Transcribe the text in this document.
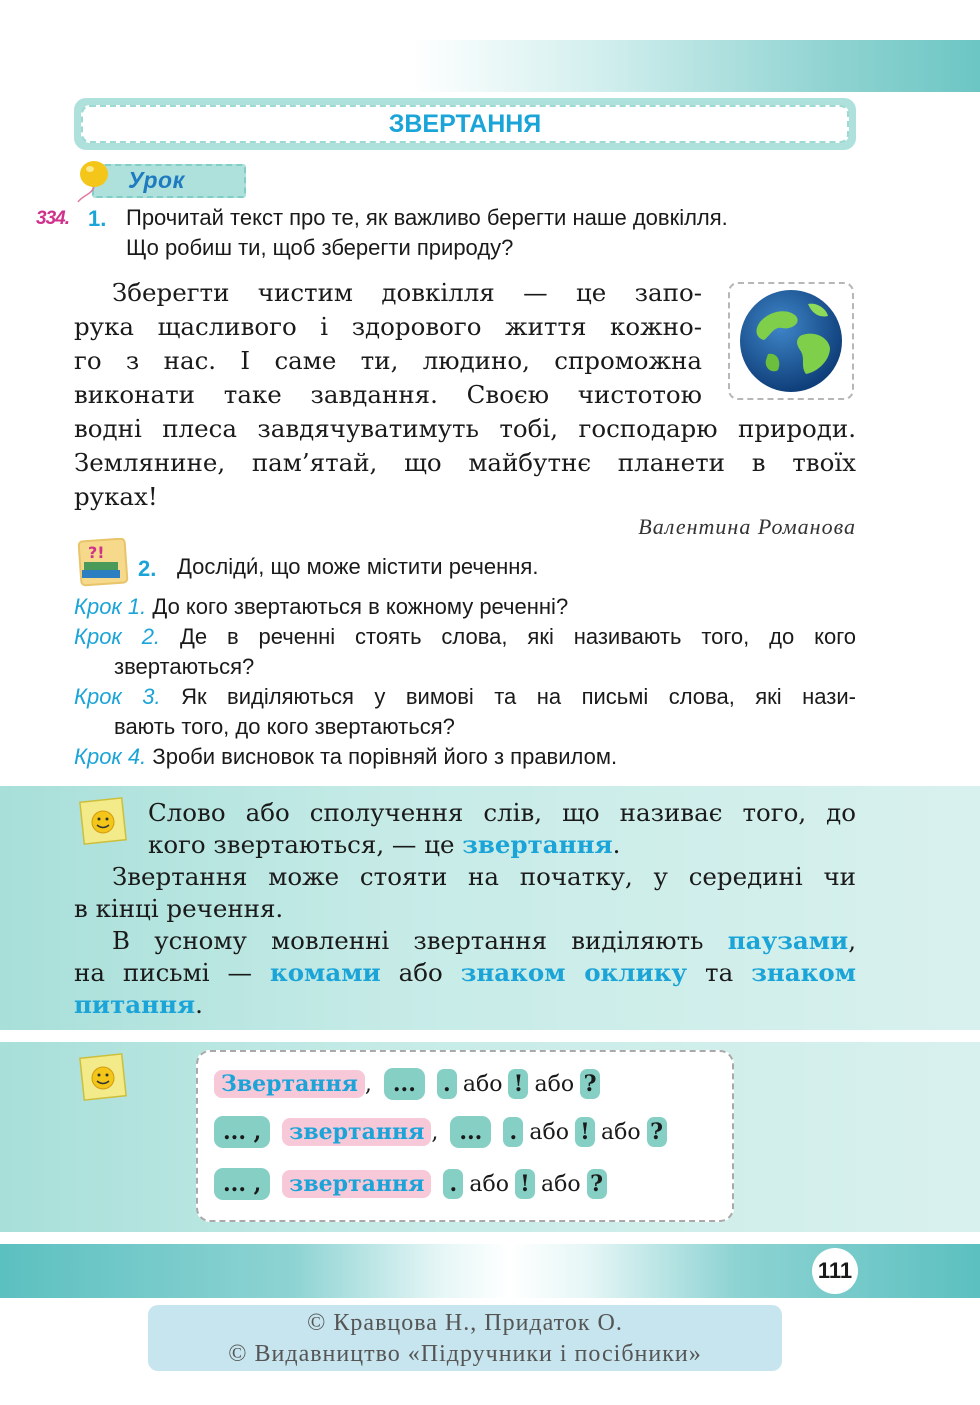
ЗВЕРТАННЯ
Урок
334. 1. Прочитай текст про те, як важливо берегти наше довкілля.
Що робиш ти, щоб зберегти природу?
Зберегти чистим довкілля — це запо-
рука щасливого і здорового життя кожно-
го з нас. І саме ти, людино, спроможна
виконати таке завдання. Своєю чистотою
водні плеса завдячуватимуть тобі, господарю природи.
Землянине, пам’ятай, що майбутнє планети в твоїх
руках!
Валентина Романова
?!
2. Досліди́, що може містити речення.
Крок 1. До кого звертаються в кожному реченні?
Крок 2. Де в реченні стоять слова, які називають того, до кого
звертаються?
Крок 3. Як виділяються у вимові та на письмі слова, які нази-
вають того, до кого звертаються?
Крок 4. Зроби висновок та порівняй його з правилом.
Слово або сполучення слів, що називає того, до
кого звертаються, — це звертання.
Звертання може стояти на початку, у середині чи
в кінці речення.
В усному мовленні звертання виділяють паузами,
на письмі — комами або знаком оклику та знаком
питання.
Звертання , ...	. або ! або ?
... ,	звертання , ...	. або ! або ?
... ,	звертання	. або ! або ?
111
© Кравцова Н., Придаток О.
© Видавництво «Підручники і посібники»
